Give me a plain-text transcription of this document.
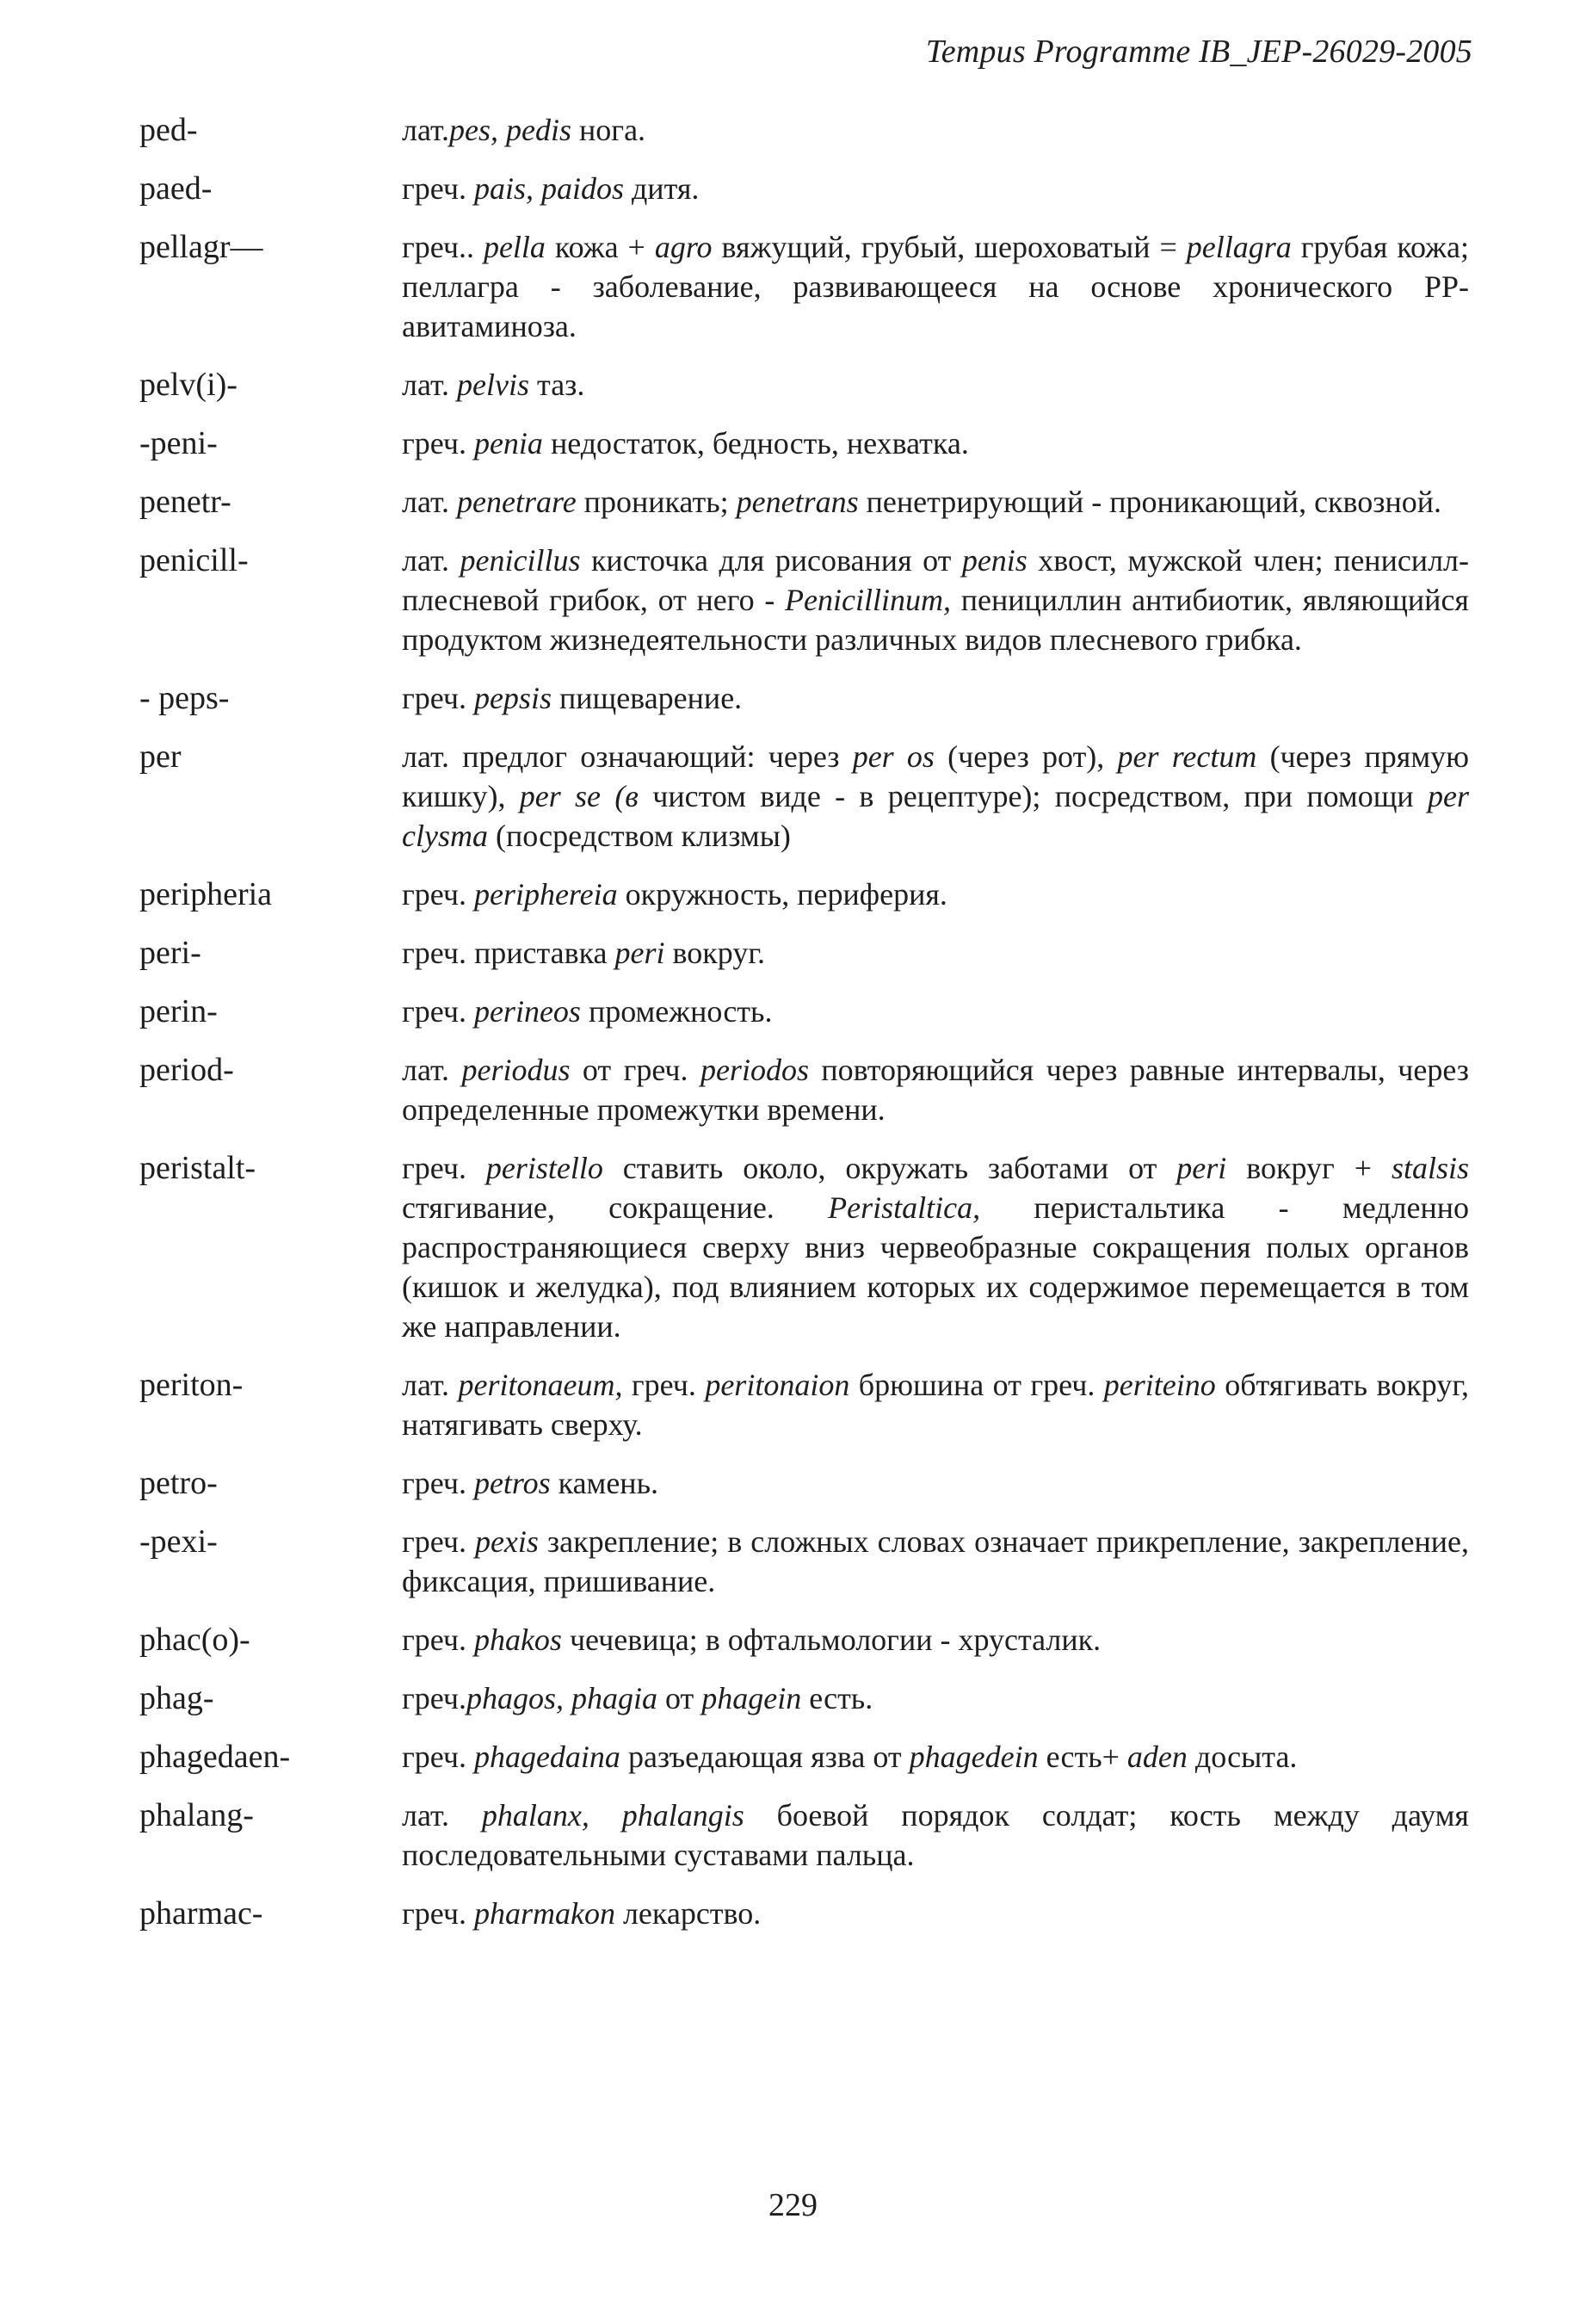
Tempus Programme IB_JEP-26029-2005
ped-	лат.pes, pedis нога.
paed-	греч. pais, paidos дитя.
pellagr—	греч.. pella кожа + agro вяжущий, грубый, шероховатый = pellagra грубая кожа; пеллагра - заболевание, развивающееся на основе хронического РР- авитаминоза.
pelv(i)-	лат. pelvis таз.
-peni-	греч. penia недостаток, бедность, нехватка.
penetr-	лат. penetrare проникать; penetrans пенетрирующий - проникающий, сквозной.
penicill-	лат. penicillus кисточка для рисования от penis хвост, мужской член; пенисилл- плесневой грибок, от него - Penicillinum, пенициллин антибиотик, являющийся продуктом жизнедеятельности различных видов плесневого грибка.
- peps-	греч. pepsis пищеварение.
per	лат. предлог означающий: через per os (через рот), per rectum (через прямую кишку), per se (в чистом виде - в рецептуре); посредством, при помощи per clysma (посредством клизмы)
peripheria	греч. periphereia окружность, периферия.
peri-	греч. приставка peri вокруг.
perin-	греч. perineos промежность.
period-	лат. periodus от греч. periodos повторяющийся через равные интервалы, через определенные промежутки времени.
peristalt-	греч. peristello ставить около, окружать заботами от peri вокруг + stalsis стягивание, сокращение. Peristaltica, перистальтика - медленно распространяющиеся сверху вниз червеобразные сокращения полых органов (кишок и желудка), под влиянием которых их содержимое перемещается в том же направлении.
periton-	лат. peritonaeum, греч. peritonaion брюшина от греч. periteino обтягивать вокруг, натягивать сверху.
petro-	греч. petros камень.
-pexi-	греч. pexis закрепление; в сложных словах означает прикрепление, закрепление, фиксация, пришивание.
phac(o)-	греч. phakos чечевица; в офтальмологии - хрусталик.
phag-	греч.phagos, phagia от phagein есть.
phagedaen-	греч. phagedaina разъедающая язва от phagedein есть+ aden досыта.
phalang-	лат. phalanx, phalangis боевой порядок солдат; кость между даумя последовательными суставами пальца.
pharmac-	греч. pharmakon лекарство.
229
